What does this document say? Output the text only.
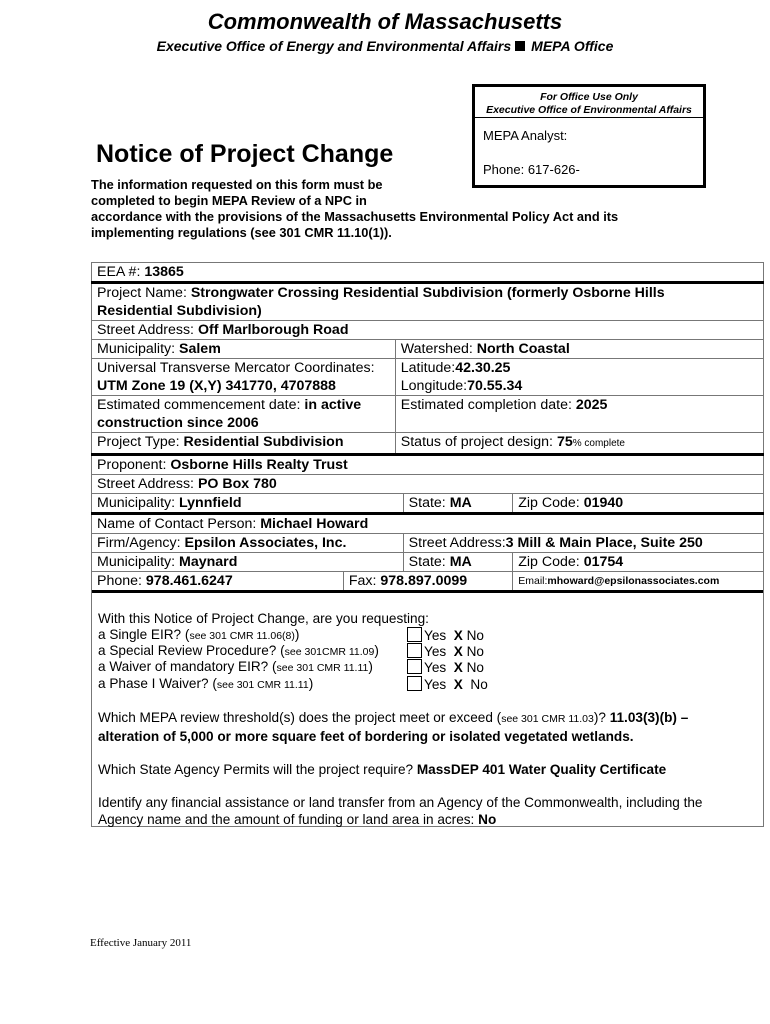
Commonwealth of Massachusetts
Executive Office of Energy and Environmental Affairs MEPA Office
For Office Use Only
Executive Office of Environmental Affairs
MEPA Analyst:
Phone: 617-626-
Notice of Project Change
The information requested on this form must be
completed to begin MEPA Review of a NPC in
accordance with the provisions of the Massachusetts Environmental Policy Act and its
implementing regulations (see 301 CMR 11.10(1)).
EEA #: 13865				
Project Name: Strongwater Crossing Residential Subdivision (formerly Osborne Hills
Residential Subdivision)				
Street Address: Off Marlborough Road				
Municipality: Salem		Watershed: North Coastal		
Universal Transverse Mercator Coordinates:
UTM Zone 19 (X,Y) 341770, 4707888		Latitude:42.30.25
Longitude:70.55.34		
Estimated commencement date: in active
construction since 2006		Estimated completion date: 2025		
Project Type: Residential Subdivision		Status of project design: 75% complete		
Proponent: Osborne Hills Realty Trust				
Street Address: PO Box 780				
Municipality: Lynnfield			State: MA	Zip Code: 01940
Name of Contact Person: Michael Howard				
Firm/Agency: Epsilon Associates, Inc.			Street Address:3 Mill & Main Place, Suite 250	
Municipality: Maynard			State: MA	Zip Code: 01754
Phone: 978.461.6247	Fax: 978.897.0099			Email:mhoward@epsilonassociates.com
With this Notice of Project Change, are you requesting:
a Single EIR? (see 301 CMR 11.06(8))	Yes X No
a Special Review Procedure? (see 301CMR 11.09)	Yes X No
a Waiver of mandatory EIR? (see 301 CMR 11.11)	Yes X No
a Phase I Waiver? (see 301 CMR 11.11)	Yes X No
Which MEPA review threshold(s) does the project meet or exceed (see 301 CMR 11.03)? 11.03(3)(b) –
alteration of 5,000 or more square feet of bordering or isolated vegetated wetlands.
Which State Agency Permits will the project require? MassDEP 401 Water Quality Certificate
Identify any financial assistance or land transfer from an Agency of the Commonwealth, including the
Agency name and the amount of funding or land area in acres: No
Effective January 2011
